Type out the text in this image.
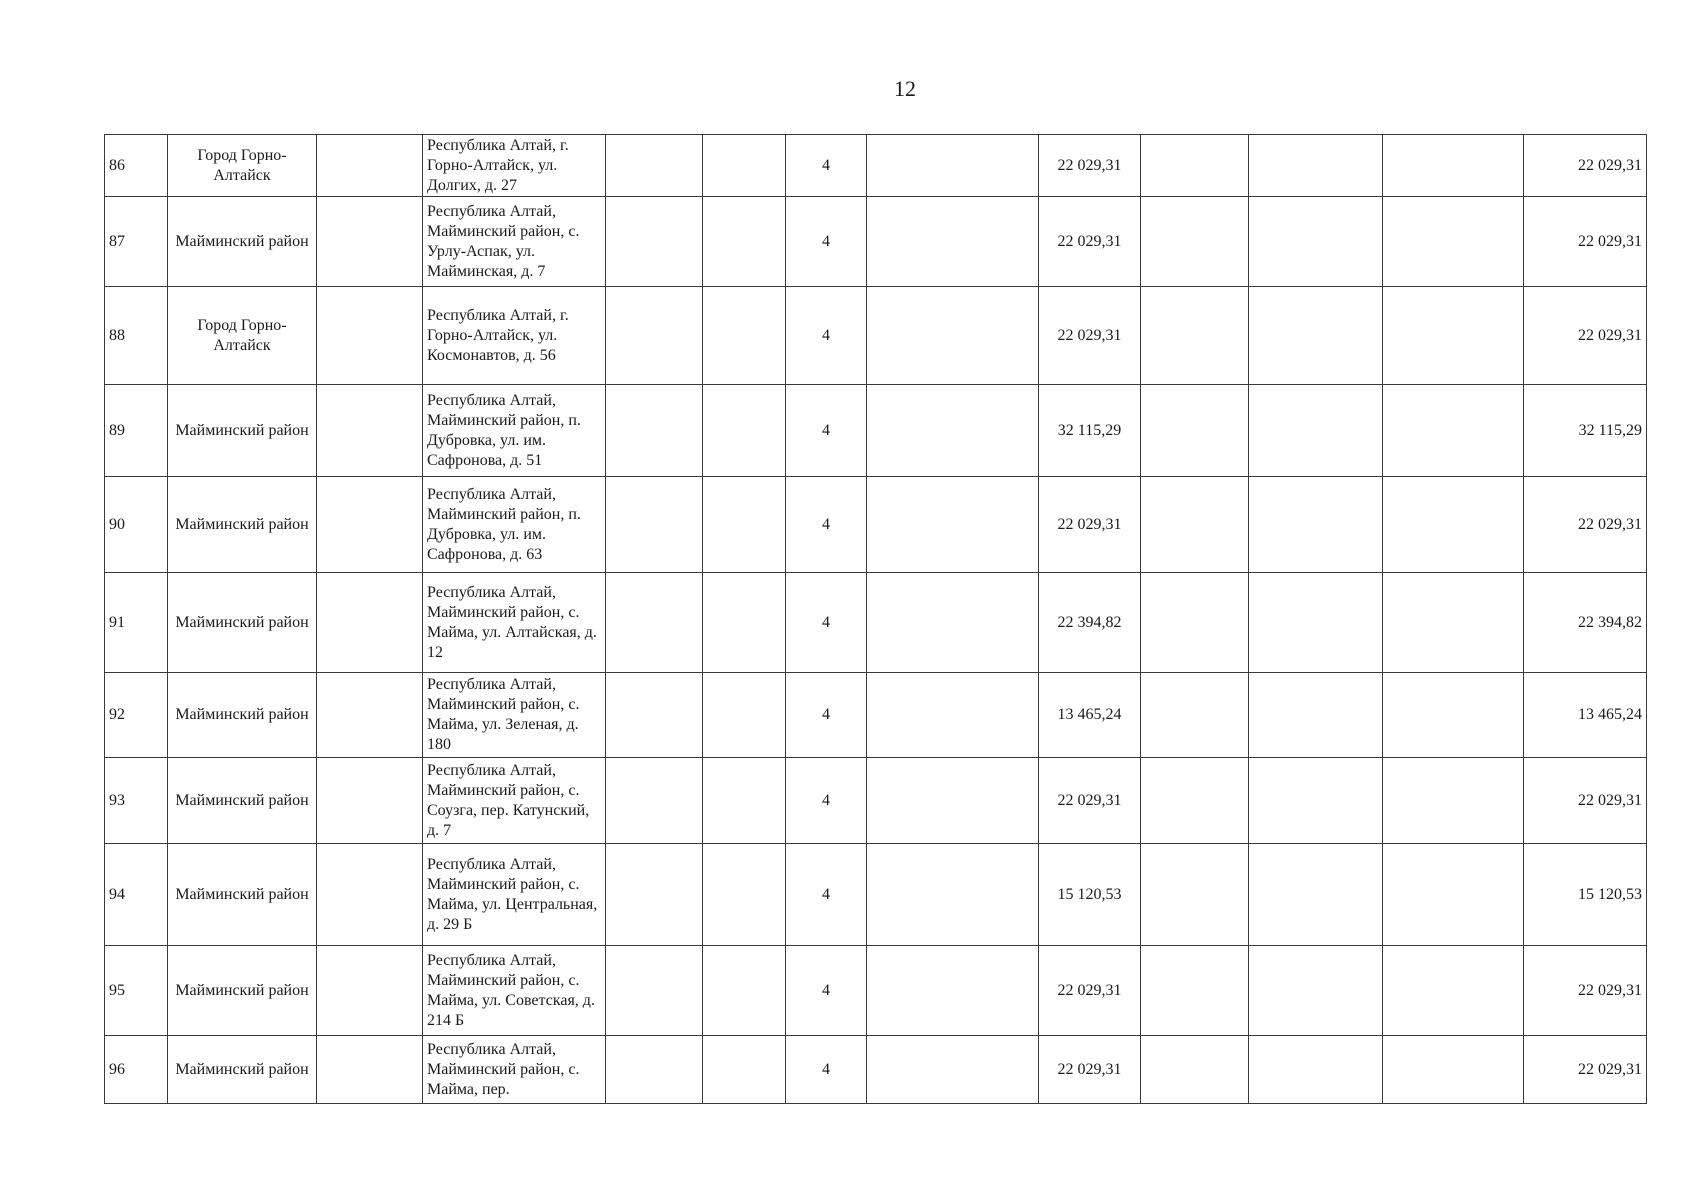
12
86	Город Горно-Алтайск		Республика Алтай, г. Горно-Алтайск, ул. Долгих, д. 27			4		22 029,31				22 029,31
87	Майминский район		Республика Алтай, Майминский район, с. Урлу-Аспак, ул. Майминская, д. 7			4		22 029,31				22 029,31
88	Город Горно-Алтайск		Республика Алтай, г. Горно-Алтайск, ул. Космонавтов, д. 56			4		22 029,31				22 029,31
89	Майминский район		Республика Алтай, Майминский район, п. Дубровка, ул. им. Сафронова, д. 51			4		32 115,29				32 115,29
90	Майминский район		Республика Алтай, Майминский район, п. Дубровка, ул. им. Сафронова, д. 63			4		22 029,31				22 029,31
91	Майминский район		Республика Алтай, Майминский район, с. Майма, ул. Алтайская, д. 12			4		22 394,82				22 394,82
92	Майминский район		Республика Алтай, Майминский район, с. Майма, ул. Зеленая, д. 180			4		13 465,24				13 465,24
93	Майминский район		Республика Алтай, Майминский район, с. Соузга, пер. Катунский, д. 7			4		22 029,31				22 029,31
94	Майминский район		Республика Алтай, Майминский район, с. Майма, ул. Центральная, д. 29 Б			4		15 120,53				15 120,53
95	Майминский район		Республика Алтай, Майминский район, с. Майма, ул. Советская, д. 214 Б			4		22 029,31				22 029,31
96	Майминский район		Республика Алтай, Майминский район, с. Майма, пер.			4		22 029,31				22 029,31
